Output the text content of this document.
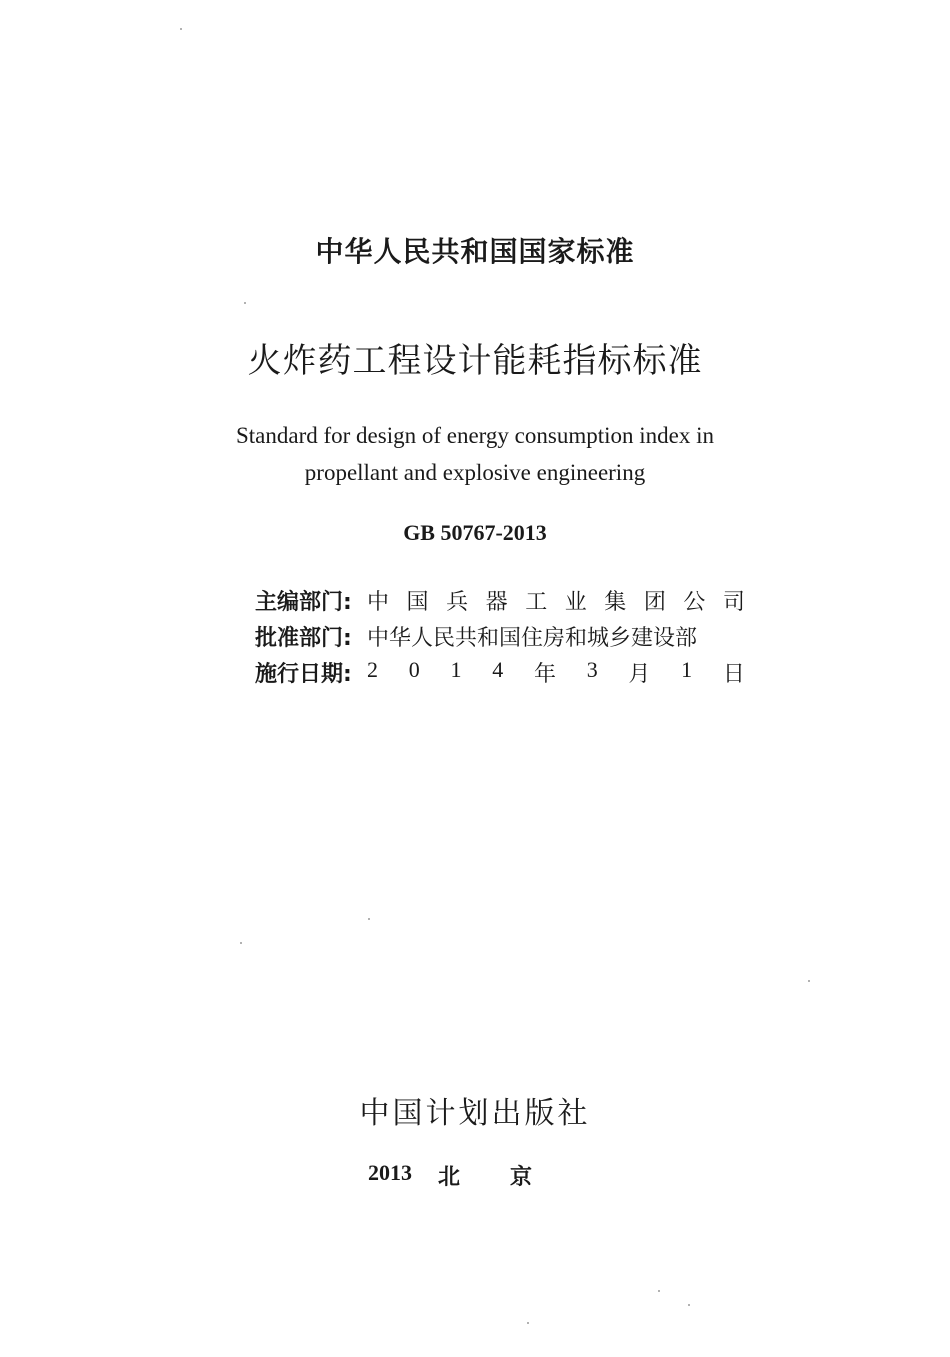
中华人民共和国国家标准
火炸药工程设计能耗指标标准
Standard for design of energy consumption index in
propellant and explosive engineering
GB 50767-2013
主编部门: 中 国 兵 器 工 业 集 团 公 司
批准部门: 中华人民共和国住房和城乡建设部
施行日期: 2 0 1 4 年 3 月 1 日
中国计划出版社
2013 北京
